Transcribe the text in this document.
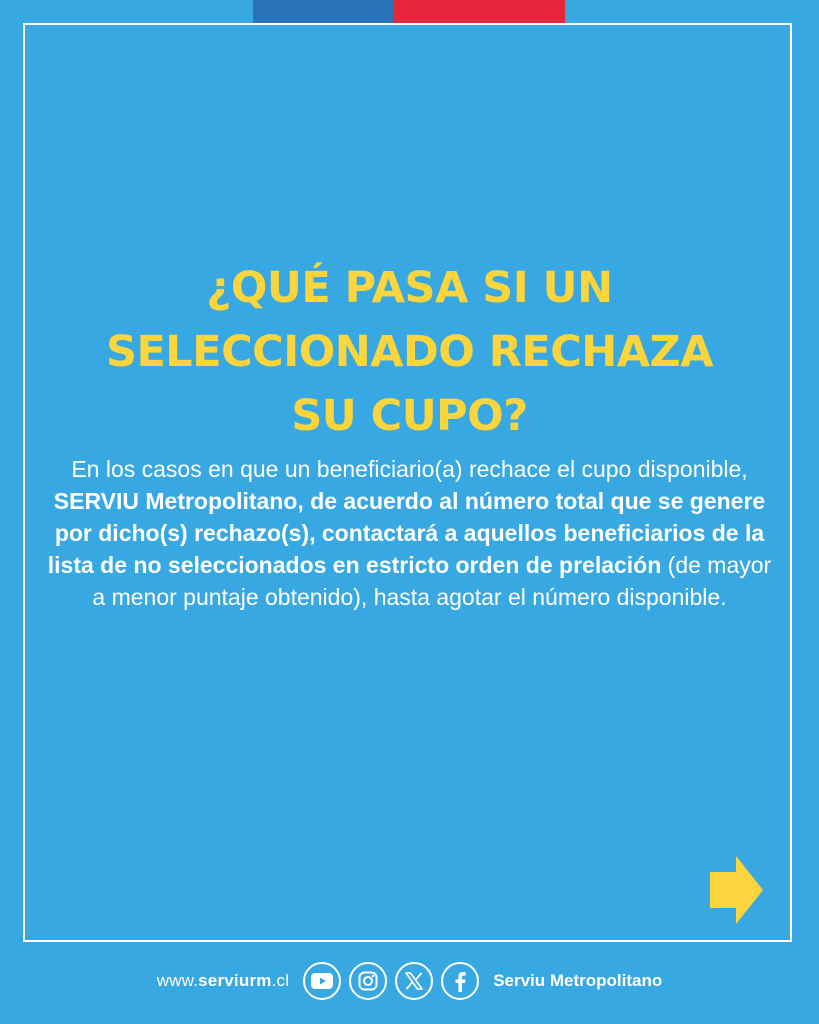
¿QUÉ PASA SI UN
SELECCIONADO RECHAZA
SU CUPO?

En los casos en que un beneficiario(a) rechace el cupo disponible, SERVIU Metropolitano, de acuerdo al número total que se genere por dicho(s) rechazo(s), contactará a aquellos beneficiarios de la lista de no seleccionados en estricto orden de prelación (de mayor a menor puntaje obtenido), hasta agotar el número disponible.

www.serviurm.cl	Serviu Metropolitano
